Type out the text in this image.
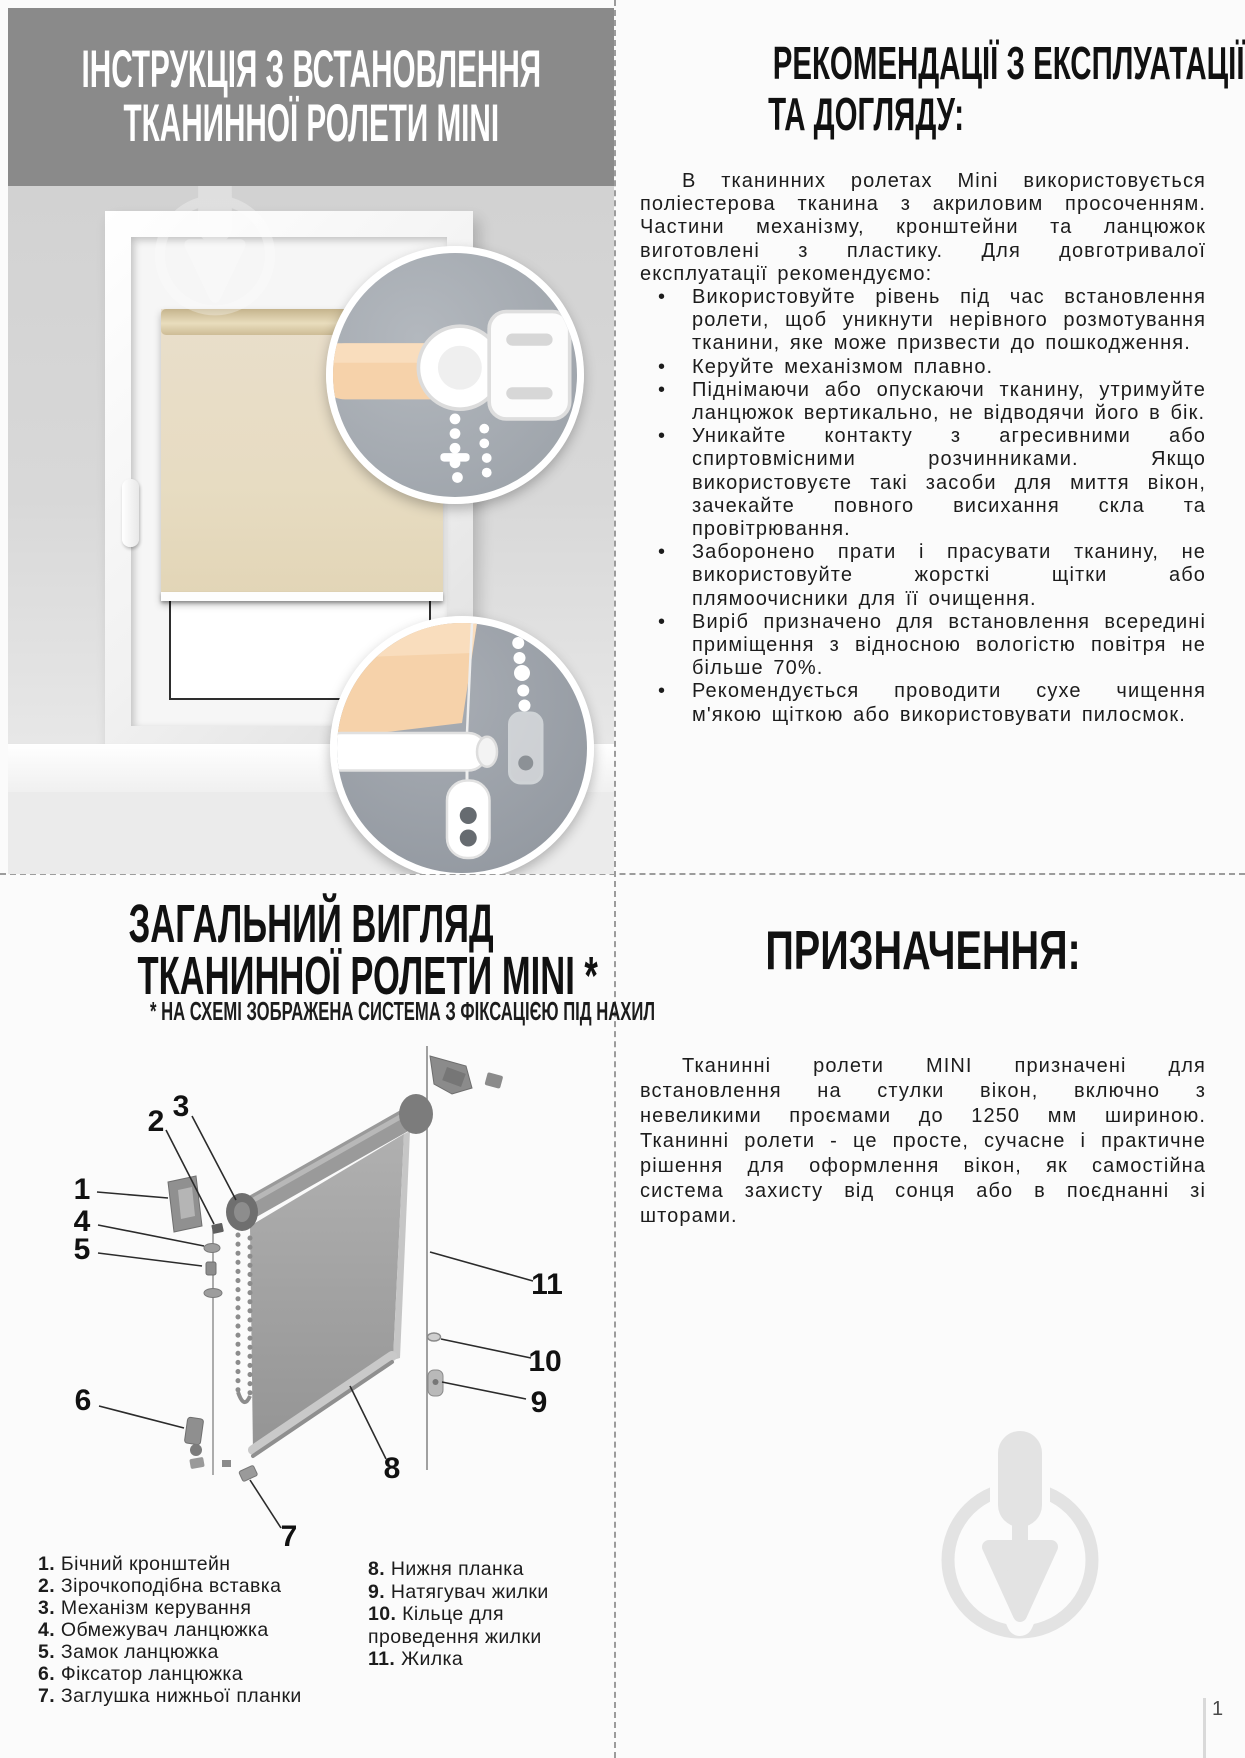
ІНСТРУКЦІЯ З ВСТАНОВЛЕННЯ
ТКАНИННОЇ РОЛЕТИ MINI
РЕКОМЕНДАЦІЇ З ЕКСПЛУАТАЦІЇ
ТА ДОГЛЯДУ:

В тканинних ролетах Mini використовується поліестерова тканина з акриловим просоченням. Частини механізму, кронштейни та ланцюжок виготовлені з пластику. Для довготривалої експлуатації рекомендуємо:

• Використовуйте рівень під час встановлення ролети, щоб уникнути нерівного розмотування тканини, яке може призвести до пошкодження.
• Керуйте механізмом плавно.
• Піднімаючи або опускаючи тканину, утримуйте ланцюжок вертикально, не відводячи його в бік.
• Уникайте контакту з агресивними або спиртовмісними розчинниками. Якщо використовуєте такі засоби для миття вікон, зачекайте повного висихання скла та провітрювання.
• Заборонено прати і прасувати тканину, не використовуйте жорсткі щітки або плямоочисники для її очищення.
• Виріб призначено для встановлення всередині приміщення з відносною вологістю повітря не більше 70%.
• Рекомендується проводити сухе чищення м'якою щіткою або використовувати пилосмок.
ЗАГАЛЬНИЙ ВИГЛЯД
ТКАНИННОЇ РОЛЕТИ MINI *
* НА СХЕМІ ЗОБРАЖЕНА СИСТЕМА З ФІКСАЦІЄЮ ПІД НАХИЛ
1
2 3
4
5
6
7
8
9
10
11
1. Бічний кронштейн
2. Зірочкоподібна вставка
3. Механізм керування
4. Обмежувач ланцюжка
5. Замок ланцюжка
6. Фіксатор ланцюжка
7. Заглушка нижньої планки
8. Нижня планка
9. Натягувач жилки
10. Кільце для проведення жилки
11. Жилка
ПРИЗНАЧЕННЯ:

Тканинні ролети MINI призначені для встановлення на стулки вікон, включно з невеликими проємами до 1250 мм шириною. Тканинні ролети - це просте, сучасне і практичне рішення для оформлення вікон, як самостійна система захисту від сонця або в поєднанні зі шторами.

1
